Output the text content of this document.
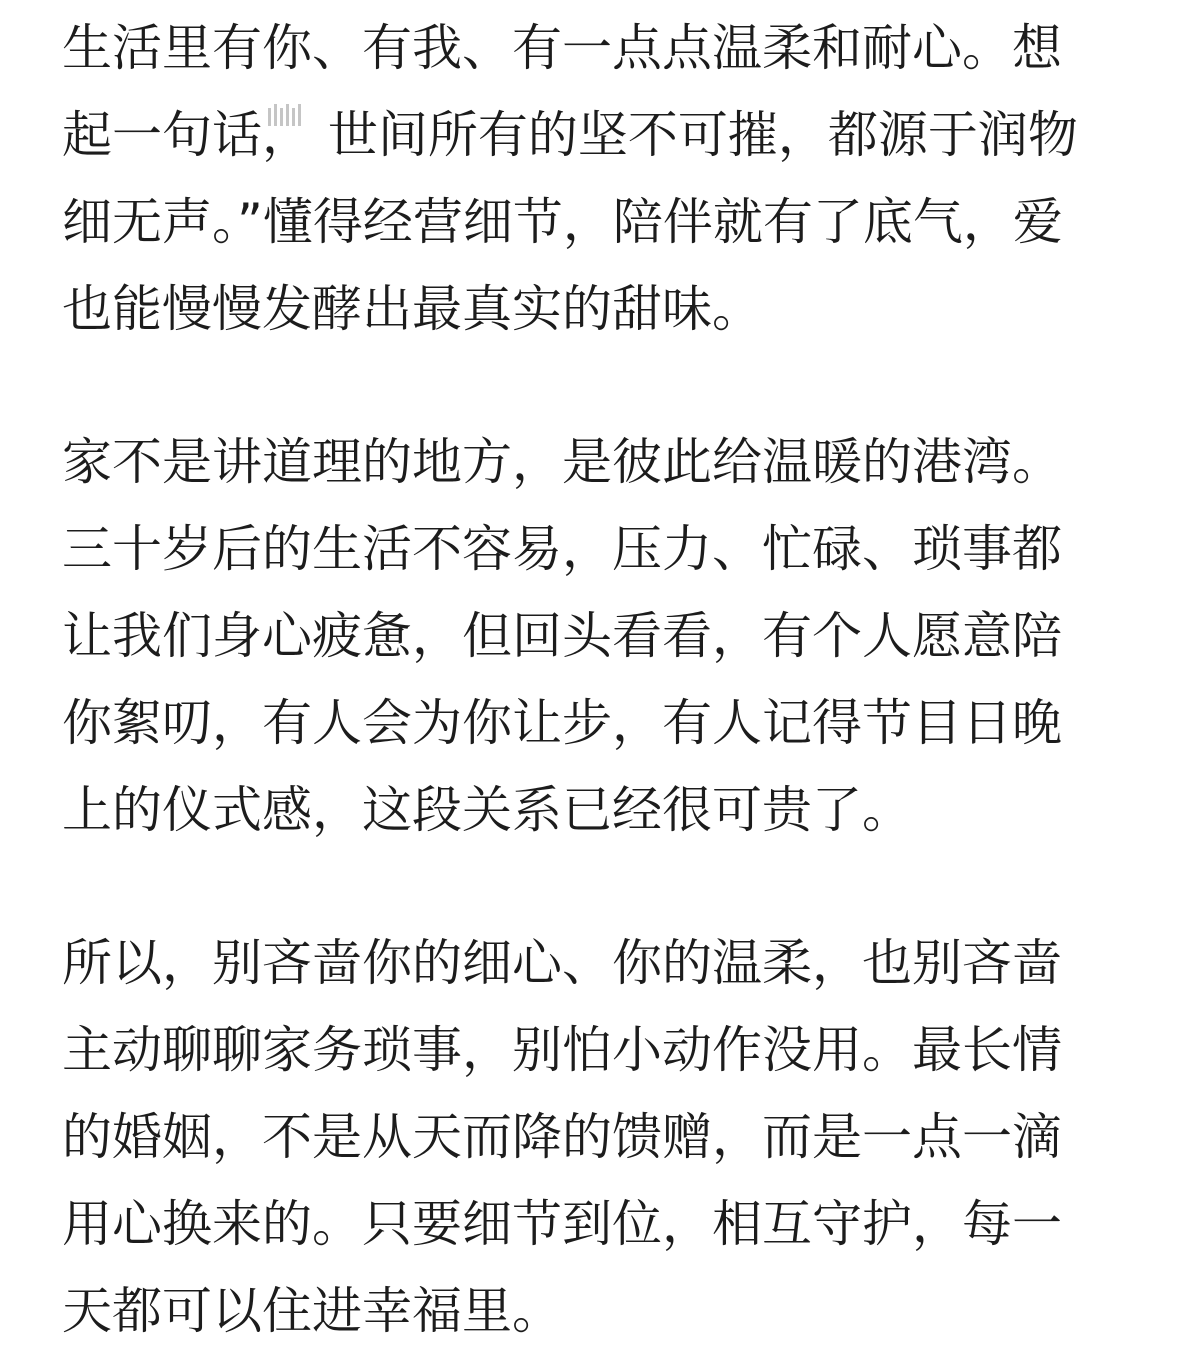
生活里有你、有我、有一点点温柔和耐心。想
起一句话， 世间所有的坚不可摧，都源于润物
细无声。”懂得经营细节，陪伴就有了底气，爱
也能慢慢发酵出最真实的甜味。
家不是讲道理的地方，是彼此给温暖的港湾。
三十岁后的生活不容易，压力、忙碌、琐事都
让我们身心疲惫，但回头看看，有个人愿意陪
你絮叨，有人会为你让步，有人记得节目日晚
上的仪式感，这段关系已经很可贵了。
所以，别吝啬你的细心、你的温柔，也别吝啬
主动聊聊家务琐事，别怕小动作没用。最长情
的婚姻，不是从天而降的馈赠，而是一点一滴
用心换来的。只要细节到位，相互守护，每一
天都可以住进幸福里。
